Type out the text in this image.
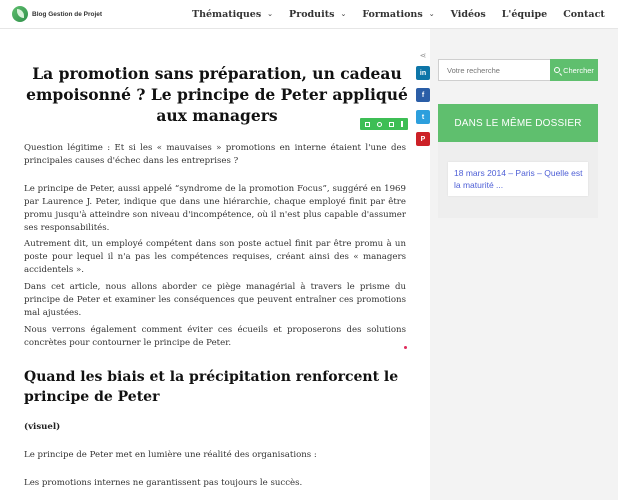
Blog Gestion de Projet	Thématiques ⌄ Produits ⌄ Formations ⌄ Vidéos L'équipe Contact
La promotion sans préparation, un cadeau empoisonné ? Le principe de Peter appliqué aux managers
⋖
in
f
t
P

Question légitime : Et si les « mauvaises » promotions en interne étaient l'une des principales causes d'échec dans les entreprises ?

Le principe de Peter, aussi appelé “syndrome de la promotion Focus”, suggéré en 1969 par Laurence J. Peter, indique que dans une hiérarchie, chaque employé finit par être promu jusqu'à atteindre son niveau d'incompétence, où il n'est plus capable d'assumer ses responsabilités.

Autrement dit, un employé compétent dans son poste actuel finit par être promu à un poste pour lequel il n'a pas les compétences requises, créant ainsi des « managers accidentels ».

Dans cet article, nous allons aborder ce piège managérial à travers le prisme du principe de Peter et examiner les conséquences que peuvent entraîner ces promotions mal ajustées.

Nous verrons également comment éviter ces écueils et proposerons des solutions concrètes pour contourner le principe de Peter.

Quand les biais et la précipitation renforcent le principe de Peter
(visuel)

Le principe de Peter met en lumière une réalité des organisations :

Les promotions internes ne garantissent pas toujours le succès.

Votre recherche
Chercher
DANS LE MÊME DOSSIER
18 mars 2014 – Paris – Quelle est la maturité ...
